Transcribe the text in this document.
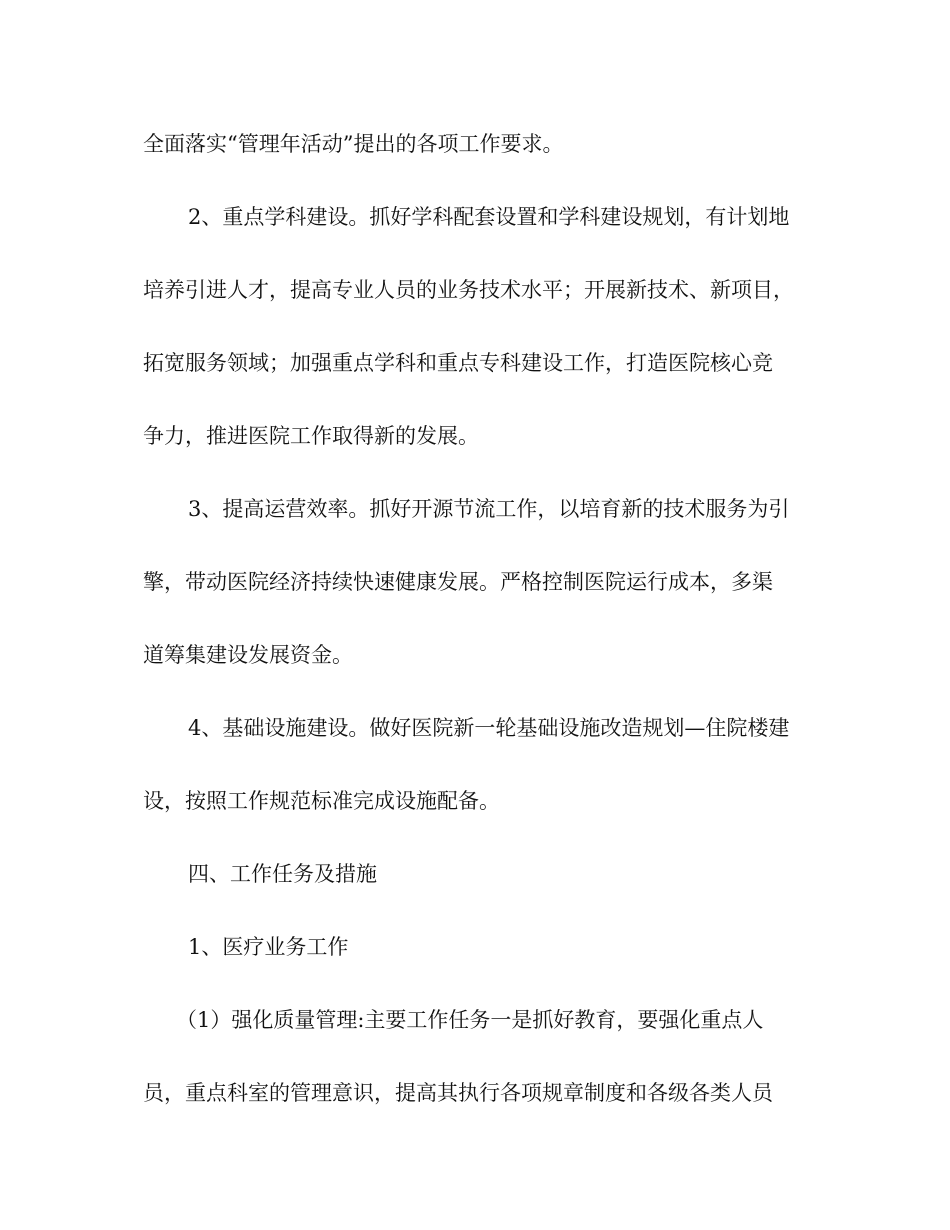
全面落实“管理年活动”提出的各项工作要求。
2、重点学科建设。抓好学科配套设置和学科建设规划，有计划地
培养引进人才，提高专业人员的业务技术水平；开展新技术、新项目，
拓宽服务领域；加强重点学科和重点专科建设工作，打造医院核心竞
争力，推进医院工作取得新的发展。
3、提高运营效率。抓好开源节流工作，以培育新的技术服务为引
擎，带动医院经济持续快速健康发展。严格控制医院运行成本，多渠
道筹集建设发展资金。
4、基础设施建设。做好医院新一轮基础设施改造规划—住院楼建
设，按照工作规范标准完成设施配备。
四、工作任务及措施
1、医疗业务工作
（1）强化质量管理:主要工作任务一是抓好教育，要强化重点人
员，重点科室的管理意识，提高其执行各项规章制度和各级各类人员
